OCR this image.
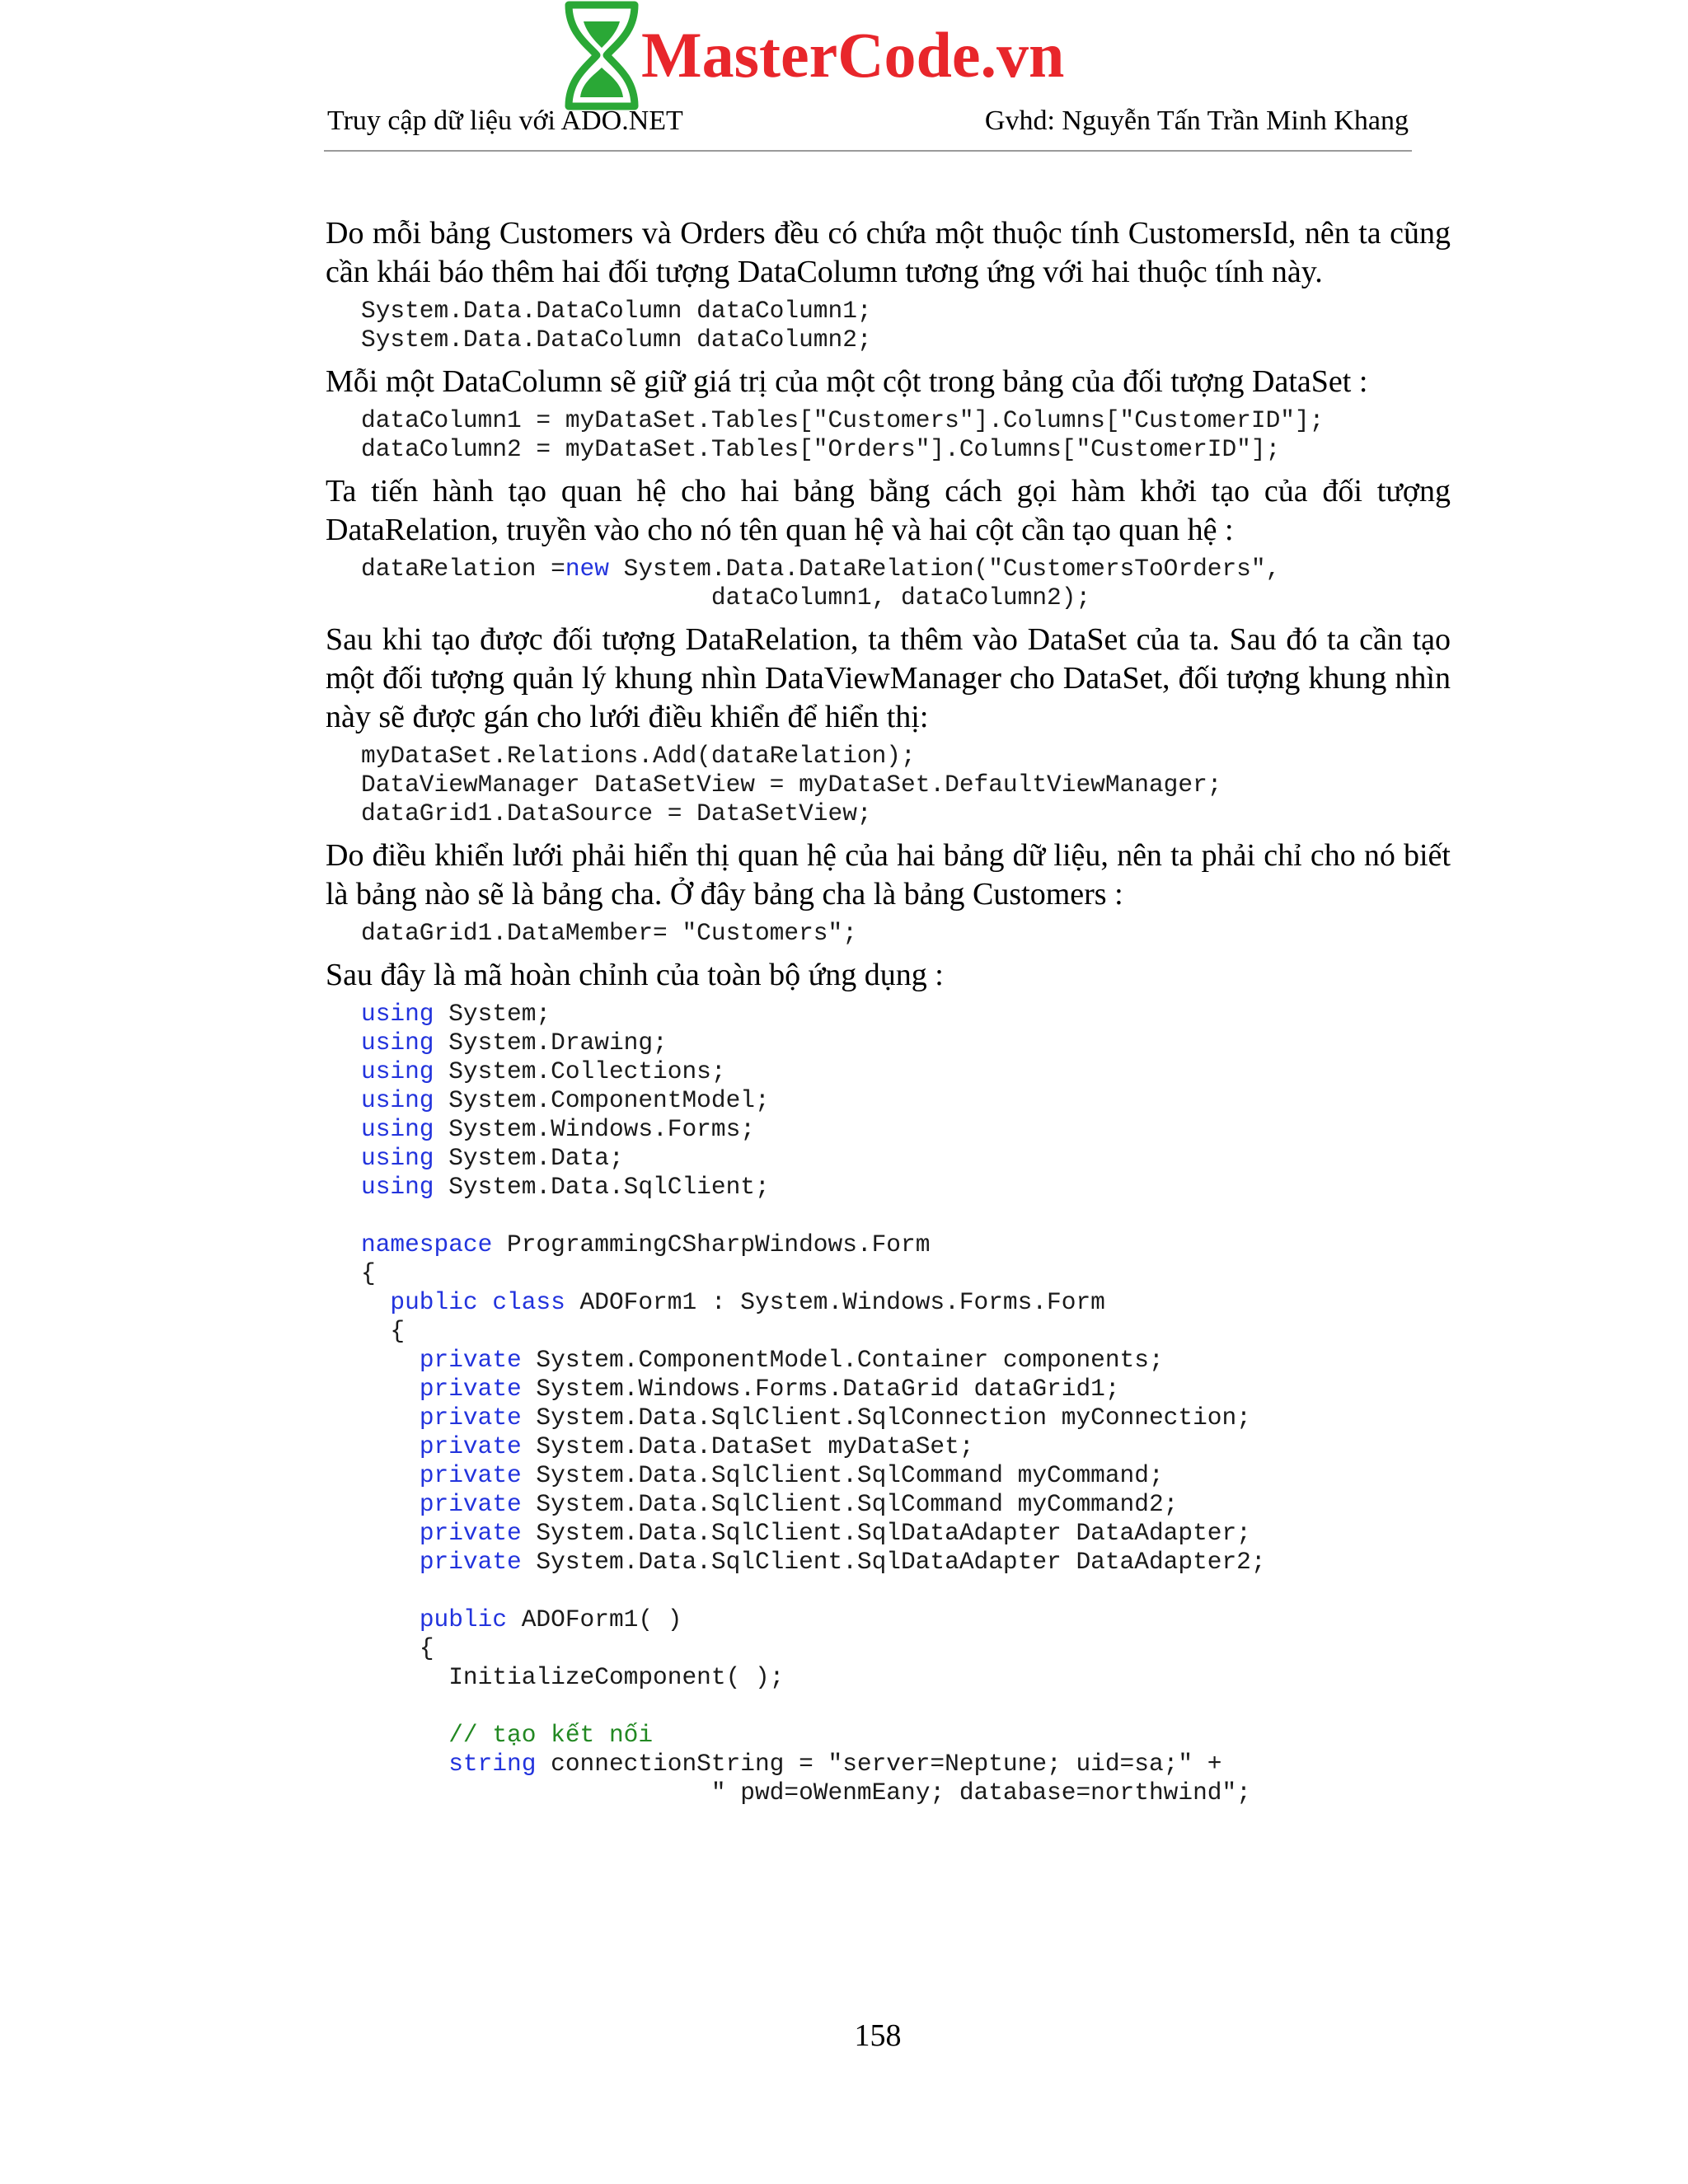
MasterCode.vn
Truy cập dữ liệu với ADO.NET	Gvhd: Nguyễn Tấn Trần Minh Khang

Do mỗi bảng Customers và Orders đều có chứa một thuộc tính CustomersId, nên ta cũng cần khái báo thêm hai đối tượng DataColumn tương ứng với hai thuộc tính này.

System.Data.DataColumn dataColumn1;
System.Data.DataColumn dataColumn2;

Mỗi một DataColumn sẽ giữ giá trị của một cột trong bảng của đối tượng DataSet :

dataColumn1 = myDataSet.Tables["Customers"].Columns["CustomerID"];
dataColumn2 = myDataSet.Tables["Orders"].Columns["CustomerID"];

Ta tiến hành tạo quan hệ cho hai bảng bằng cách gọi hàm khởi tạo của đối tượng DataRelation, truyền vào cho nó tên quan hệ và hai cột cần tạo quan hệ :

dataRelation =new System.Data.DataRelation("CustomersToOrders",
dataColumn1, dataColumn2);

Sau khi tạo được đối tượng DataRelation, ta thêm vào DataSet của ta. Sau đó ta cần tạo một đối tượng quản lý khung nhìn DataViewManager cho DataSet, đối tượng khung nhìn này sẽ được gán cho lưới điều khiển để hiển thị:

myDataSet.Relations.Add(dataRelation);
DataViewManager DataSetView = myDataSet.DefaultViewManager;
dataGrid1.DataSource = DataSetView;

Do điều khiển lưới phải hiển thị quan hệ của hai bảng dữ liệu, nên ta phải chỉ cho nó biết là bảng nào sẽ là bảng cha. Ở đây bảng cha là bảng Customers :

dataGrid1.DataMember= "Customers";

Sau đây là mã hoàn chỉnh của toàn bộ ứng dụng :

using System;
using System.Drawing;
using System.Collections;
using System.ComponentModel;
using System.Windows.Forms;
using System.Data;
using System.Data.SqlClient;

namespace ProgrammingCSharpWindows.Form
{
public class ADOForm1 : System.Windows.Forms.Form
{
private System.ComponentModel.Container components;
private System.Windows.Forms.DataGrid dataGrid1;
private System.Data.SqlClient.SqlConnection myConnection;
private System.Data.DataSet myDataSet;
private System.Data.SqlClient.SqlCommand myCommand;
private System.Data.SqlClient.SqlCommand myCommand2;
private System.Data.SqlClient.SqlDataAdapter DataAdapter;
private System.Data.SqlClient.SqlDataAdapter DataAdapter2;

public ADOForm1( )
{
InitializeComponent( );

// tạo kết nối
string connectionString = "server=Neptune; uid=sa;" +
" pwd=oWenmEany; database=northwind";
158
